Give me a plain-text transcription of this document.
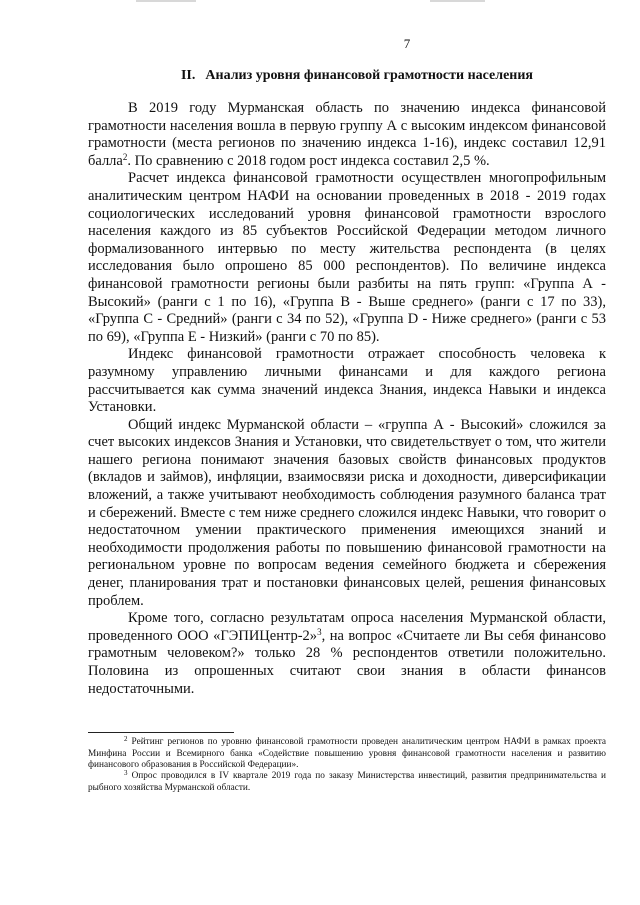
7
II. Анализ уровня финансовой грамотности населения

В 2019 году Мурманская область по значению индекса финансовой грамотности населения вошла в первую группу А с высоким индексом финансовой грамотности (места регионов по значению индекса 1-16), индекс составил 12,91 балла$^2$. По сравнению с 2018 годом рост индекса составил 2,5 %.

Расчет индекса финансовой грамотности осуществлен многопрофильным аналитическим центром НАФИ на основании проведенных в 2018 - 2019 годах социологических исследований уровня финансовой грамотности взрослого населения каждого из 85 субъектов Российской Федерации методом личного формализованного интервью по месту жительства респондента (в целях исследования было опрошено 85 000 респондентов). По величине индекса финансовой грамотности регионы были разбиты на пять групп: «Группа А - Высокий» (ранги с 1 по 16), «Группа В - Выше среднего» (ранги с 17 по 33), «Группа С - Средний» (ранги с 34 по 52), «Группа D - Ниже среднего» (ранги с 53 по 69), «Группа Е - Низкий» (ранги с 70 по 85).

Индекс финансовой грамотности отражает способность человека к разумному управлению личными финансами и для каждого региона рассчитывается как сумма значений индекса Знания, индекса Навыки и индекса Установки.

Общий индекс Мурманской области – «группа А - Высокий» сложился за счет высоких индексов Знания и Установки, что свидетельствует о том, что жители нашего региона понимают значения базовых свойств финансовых продуктов (вкладов и займов), инфляции, взаимосвязи риска и доходности, диверсификации вложений, а также учитывают необходимость соблюдения разумного баланса трат и сбережений. Вместе с тем ниже среднего сложился индекс Навыки, что говорит о недостаточном умении практического применения имеющихся знаний и необходимости продолжения работы по повышению финансовой грамотности на региональном уровне по вопросам ведения семейного бюджета и сбережения денег, планирования трат и постановки финансовых целей, решения финансовых проблем.

Кроме того, согласно результатам опроса населения Мурманской области, проведенного ООО «ГЭПИЦентр-2»$^3$, на вопрос «Считаете ли Вы себя финансово грамотным человеком?» только 28 % респондентов ответили положительно. Половина из опрошенных считают свои знания в области финансов недостаточными.

$^2$ Рейтинг регионов по уровню финансовой грамотности проведен аналитическим центром НАФИ в рамках проекта Минфина России и Всемирного банка «Содействие повышению уровня финансовой грамотности населения и развитию финансового образования в Российской Федерации».

$^3$ Опрос проводился в IV квартале 2019 года по заказу Министерства инвестиций, развития предпринимательства и рыбного хозяйства Мурманской области.
